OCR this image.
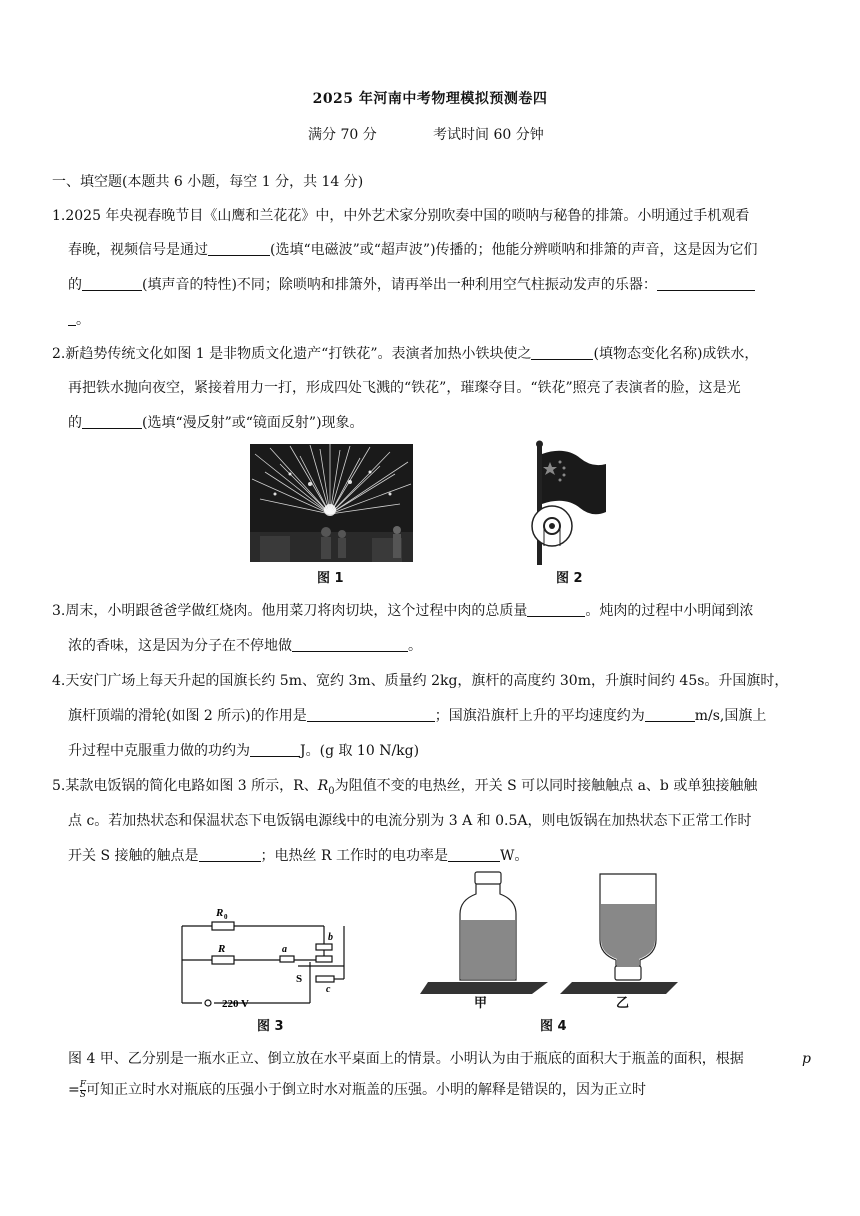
2025 年河南中考物理模拟预测卷四
满分 70 分	考试时间 60 分钟
一、填空题(本题共 6 小题，每空 1 分，共 14 分)
1.2025 年央视春晚节目《山鹰和兰花花》中，中外艺术家分别吹奏中国的唢呐与秘鲁的排箫。小明通过手机观看
春晚，视频信号是通过	(选填“电磁波”或“超声波”)传播的；他能分辨唢呐和排箫的声音，这是因为它们
的	(填声音的特性)不同；除唢呐和排箫外，请再举出一种利用空气柱振动发声的乐器：
。
2.新趋势传统文化如图 1 是非物质文化遗产“打铁花”。表演者加热小铁块使之	(填物态变化名称)成铁水，
再把铁水抛向夜空，紧接着用力一打，形成四处飞溅的“铁花”，璀璨夺目。“铁花”照亮了表演者的脸，这是光
的	(选填“漫反射”或“镜面反射”)现象。
图 1	图 2
3.周末，小明跟爸爸学做红烧肉。他用菜刀将肉切块，这个过程中肉的总质量	。炖肉的过程中小明闻到浓
浓的香味，这是因为分子在不停地做	。
4.天安门广场上每天升起的国旗长约 5m、宽约 3m、质量约 2kg，旗杆的高度约 30m，升旗时间约 45s。升国旗时，
旗杆顶端的滑轮(如图 2 所示)的作用是	；国旗沿旗杆上升的平均速度约为	m/s,国旗上
升过程中克服重力做的功约为	J。(g 取 10 N/kg)
5.某款电饭锅的简化电路如图 3 所示，R、$R_0$为阻值不变的电热丝，开关 S 可以同时接触触点 a、b 或单独接触触
点 c。若加热状态和保温状态下电饭锅电源线中的电流分别为 3 A 和 0.5A，则电饭锅在加热状态下正常工作时
开关 S 接触的触点是	；电热丝 R 工作时的电功率是	W。
R 0
R	a
b
c
S
220 V
图 3
甲	乙
图 4
图 4 甲、乙分别是一瓶水正立、倒立放在水平桌面上的情景。小明认为由于瓶底的面积大于瓶盖的面积，根据	p
= $\frac{F}{S}$ 可知正立时水对瓶底的压强小于倒立时水对瓶盖的压强。小明的解释是错误的，因为正立时
